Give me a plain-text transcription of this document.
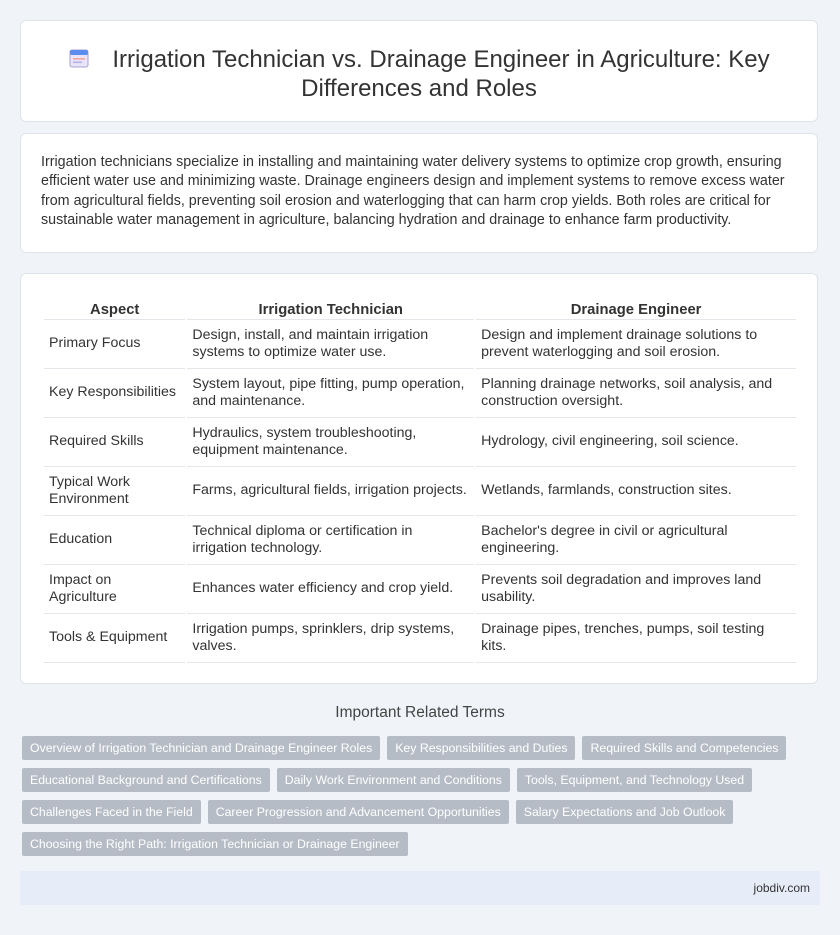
Irrigation Technician vs. Drainage Engineer in Agriculture: Key
Differences and Roles

Irrigation technicians specialize in installing and maintaining water delivery systems to optimize crop growth, ensuring efficient water use and minimizing waste. Drainage engineers design and implement systems to remove excess water from agricultural fields, preventing soil erosion and waterlogging that can harm crop yields. Both roles are critical for sustainable water management in agriculture, balancing hydration and drainage to enhance farm productivity.

Aspect	Irrigation Technician	Drainage Engineer
Primary Focus	Design, install, and maintain irrigation systems to optimize water use.	Design and implement drainage solutions to prevent waterlogging and soil erosion.
Key Responsibilities	System layout, pipe fitting, pump operation, and maintenance.	Planning drainage networks, soil analysis, and construction oversight.
Required Skills	Hydraulics, system troubleshooting, equipment maintenance.	Hydrology, civil engineering, soil science.
Typical Work Environment	Farms, agricultural fields, irrigation projects.	Wetlands, farmlands, construction sites.
Education	Technical diploma or certification in irrigation technology.	Bachelor's degree in civil or agricultural engineering.
Impact on Agriculture	Enhances water efficiency and crop yield.	Prevents soil degradation and improves land usability.
Tools & Equipment	Irrigation pumps, sprinklers, drip systems, valves.	Drainage pipes, trenches, pumps, soil testing kits.
Important Related Terms
Overview of Irrigation Technician and Drainage Engineer Roles	Key Responsibilities and Duties	Required Skills and Competencies
Educational Background and Certifications	Daily Work Environment and Conditions	Tools, Equipment, and Technology Used
Challenges Faced in the Field	Career Progression and Advancement Opportunities	Salary Expectations and Job Outlook
Choosing the Right Path: Irrigation Technician or Drainage Engineer
jobdiv.com
